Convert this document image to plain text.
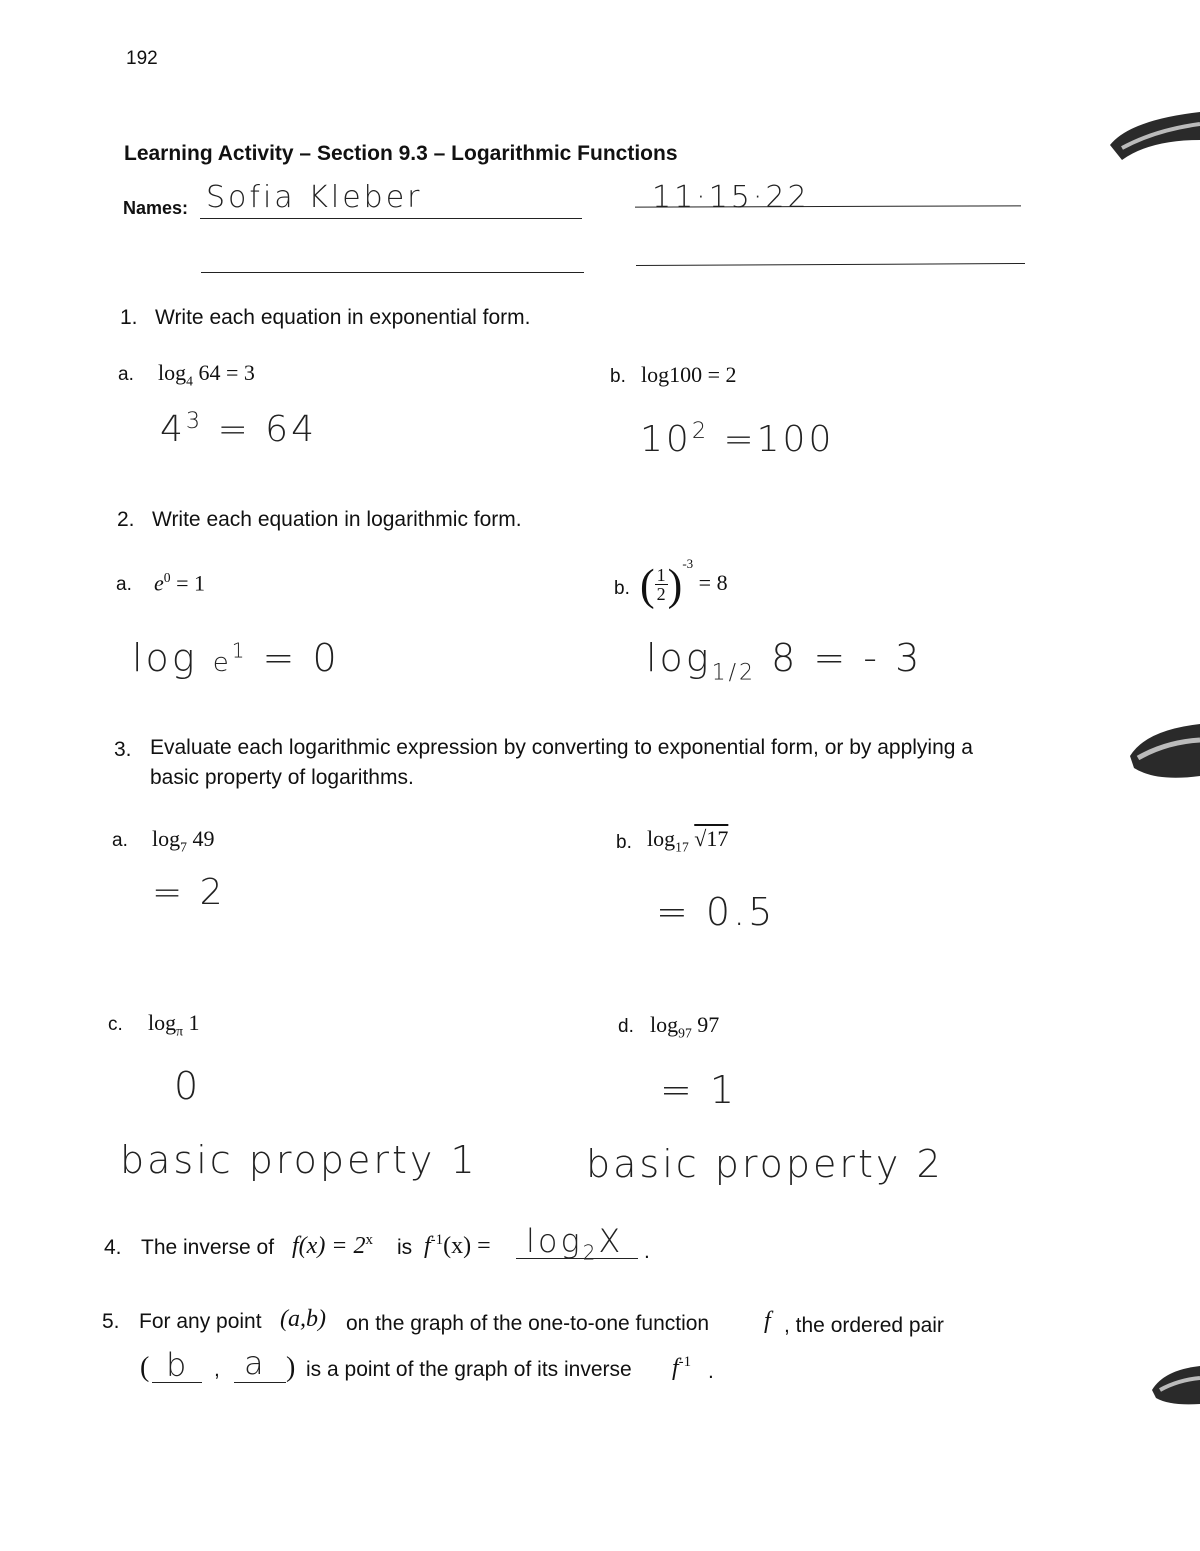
192
Learning Activity – Section 9.3 – Logarithmic Functions
Names: Sofia Kleber	11·15·22
1. Write each equation in exponential form.
a. $\log_4 64 = 3$
$4^3 = 64$
b. log100 = 2
$10^2 =100$
2. Write each equation in logarithmic form.
a. $e^0 = 1$
$\log e^1 = 0$
b. ( $\frac{1}{2})^{-3} = 8$
$\log_{1/2} 8$ = - 3
3. Evaluate each logarithmic expression by converting to exponential form, or by applying a
basic property of logarithms.
a. $\log_7 49$
= 2
b. $\log_{17} √17$
= 0.5
c. $\log_\pi 1$
0
basic property 1
d. $\log_{97} 97$
= 1
basic property 2
4. The inverse of $f(x) = 2^x$ is $f^{-1}(x) = \log_2X$ .
5. For any point (a,b) on the graph of the one-to-one function f , the ordered pair
( b , a ) is a point of the graph of its inverse $f^{-1}$ .
